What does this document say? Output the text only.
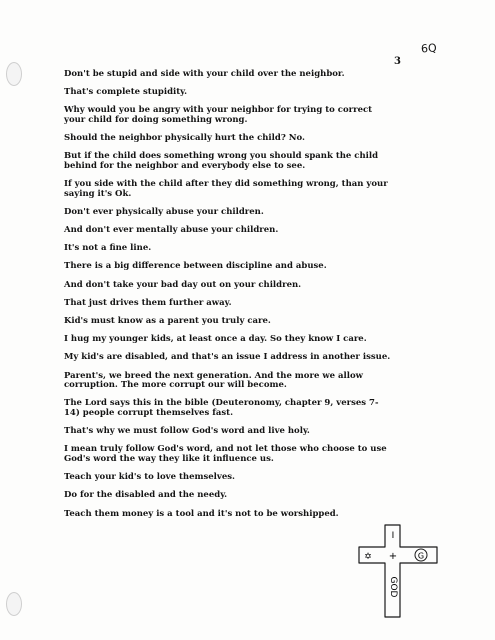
3
6Q

Don't be stupid and side with your child over the neighbor.

That's complete stupidity.

Why would you be angry with your neighbor for trying to correct your child for doing something wrong.

Should the neighbor physically hurt the child? No.

But if the child does something wrong you should spank the child behind for the neighbor and everybody else to see.

If you side with the child after they did something wrong, than your saying it's Ok.

Don't ever physically abuse your children.

And don't ever mentally abuse your children.

It's not a fine line.

There is a big difference between discipline and abuse.

And don't take your bad day out on your children.

That just drives them further away.

Kid's must know as a parent you truly care.

I hug my younger kids, at least once a day. So they know I care.

My kid's are disabled, and that's an issue I address in another issue.

Parent's, we breed the next generation. And the more we allow corruption. The more corrupt our will become.

The Lord says this in the bible (Deuteronomy, chapter 9, verses 7-14) people corrupt themselves fast.

That's why we must follow God's word and live holy.

I mean truly follow God's word, and not let those who choose to use God's word the way they like it influence us.

Teach your kid's to love themselves.

Do for the disabled and the needy.

Teach them money is a tool and it's not to be worshipped.

I
+
GOD
✡	G
